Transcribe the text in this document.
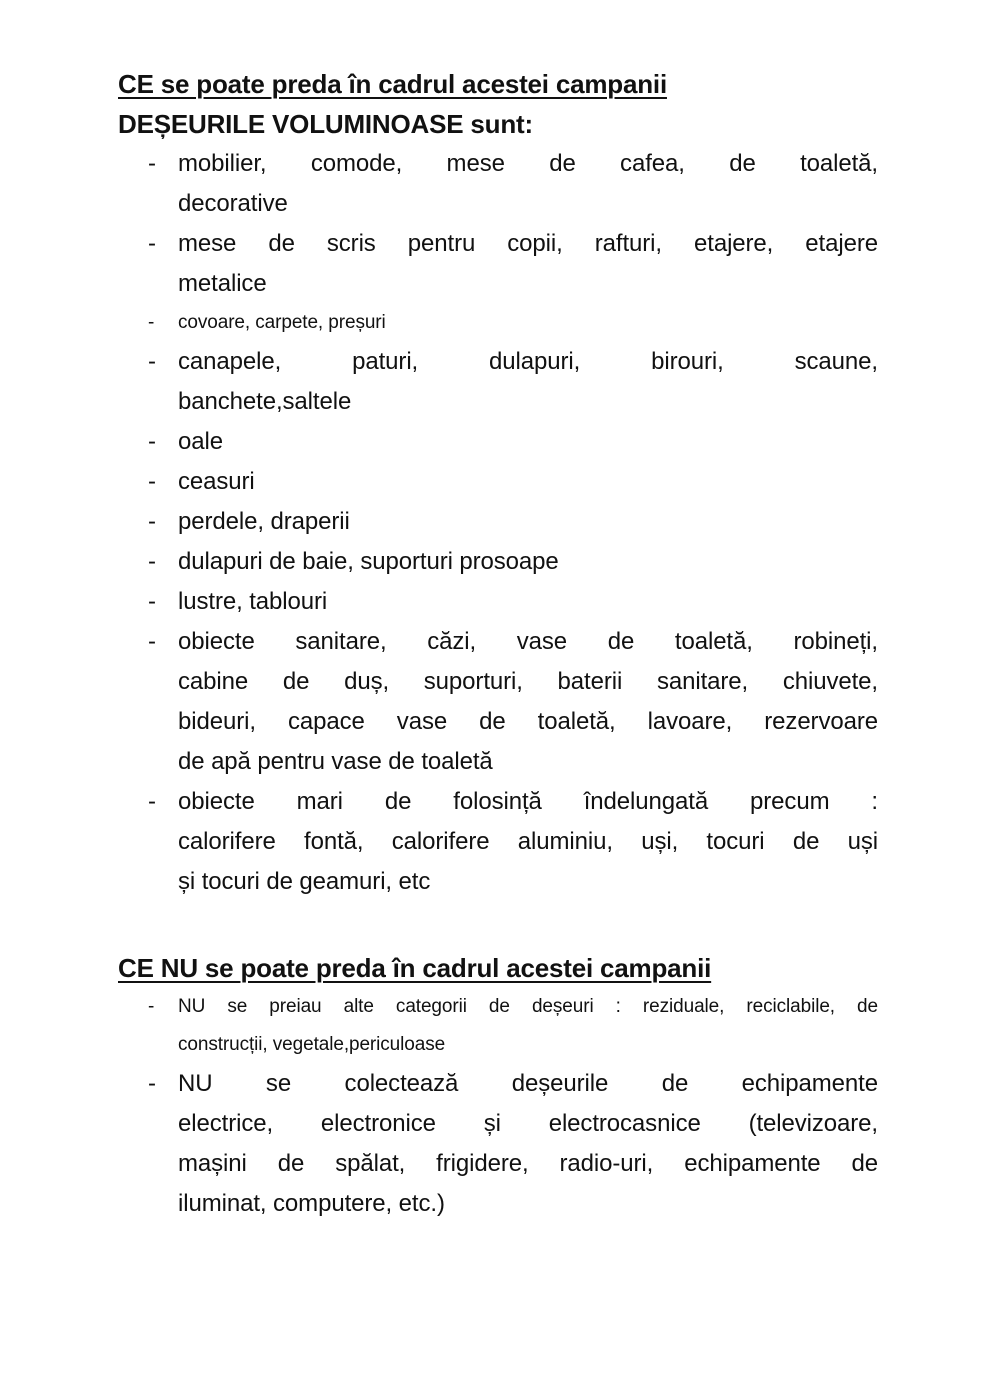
CE se poate preda în cadrul acestei campanii
DEȘEURILE VOLUMINOASE sunt:
- mobilier, comode, mese de cafea, de toaletă,
decorative
- mese de scris pentru copii, rafturi, etajere, etajere
metalice
-	covoare, carpete, preșuri
- canapele, paturi, dulapuri, birouri, scaune,
banchete,saltele
- oale
- ceasuri
- perdele, draperii
- dulapuri de baie, suporturi prosoape
- lustre, tablouri
- obiecte sanitare, căzi, vase de toaletă, robineți,
cabine de duș, suporturi, baterii sanitare, chiuvete,
bideuri, capace vase de toaletă, lavoare, rezervoare
de apă pentru vase de toaletă
- obiecte mari de folosință îndelungată precum :
calorifere fontă, calorifere aluminiu, uși, tocuri de uși
și tocuri de geamuri, etc
CE NU se poate preda în cadrul acestei campanii
-	NU se preiau alte categorii de deșeuri : reziduale, reciclabile, de
construcții, vegetale,periculoase
- NU se colectează deșeurile de echipamente
electrice, electronice și electrocasnice (televizoare,
mașini de spălat, frigidere, radio-uri, echipamente de
iluminat, computere, etc.)
